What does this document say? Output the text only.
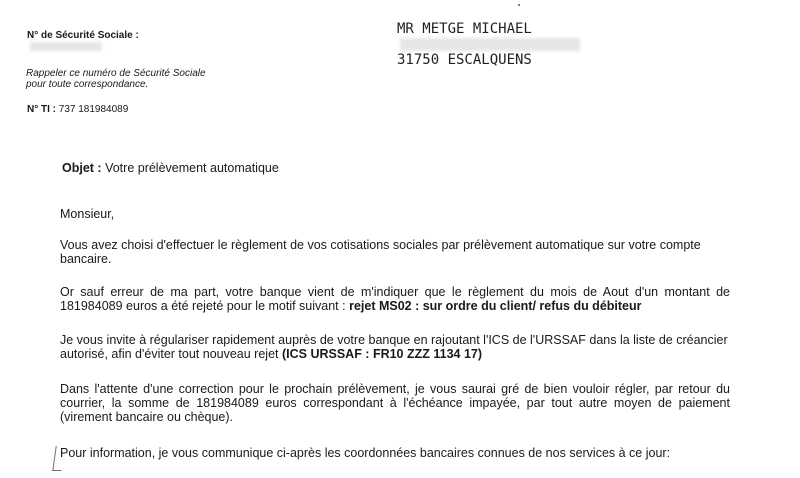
N° de Sécurité Sociale :
Rappeler ce numéro de Sécurité Sociale
pour toute correspondance.
N° TI : 737 181984089
MR METGE MICHAEL
31750 ESCALQUENS
Objet : Votre prélèvement automatique
Monsieur,
Vous avez choisi d'effectuer le règlement de vos cotisations sociales par prélèvement automatique sur votre compte bancaire.
Or sauf erreur de ma part, votre banque vient de m'indiquer que le règlement du mois de Aout d'un montant de 181984089 euros a été rejeté pour le motif suivant : rejet MS02 : sur ordre du client/ refus du débiteur
Je vous invite à régulariser rapidement auprès de votre banque en rajoutant l'ICS de l'URSSAF dans la liste de créancier autorisé, afin d'éviter tout nouveau rejet (ICS URSSAF : FR10 ZZZ 1134 17)
Dans l'attente d'une correction pour le prochain prélèvement, je vous saurai gré de bien vouloir régler, par retour du courrier, la somme de 181984089 euros correspondant à l'échéance impayée, par tout autre moyen de paiement (virement bancaire ou chèque).
Pour information, je vous communique ci-après les coordonnées bancaires connues de nos services à ce jour:
